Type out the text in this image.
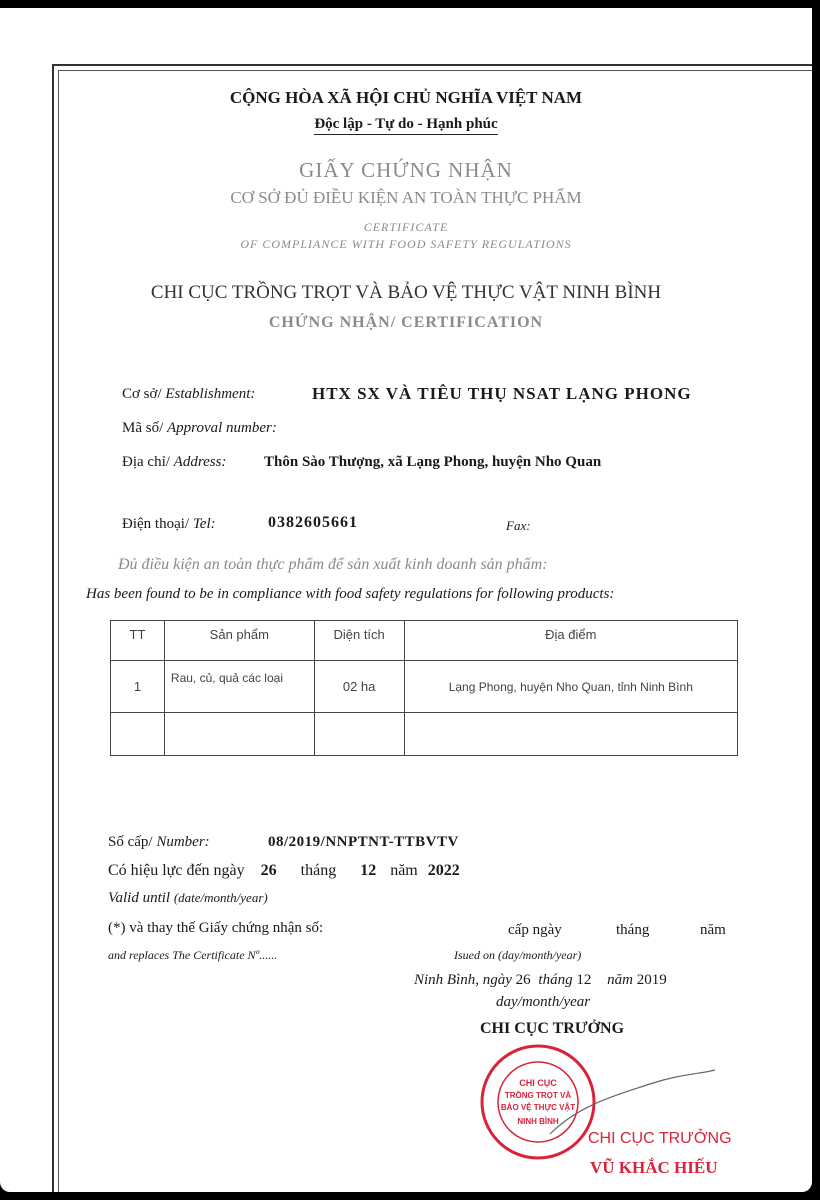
CỘNG HÒA XÃ HỘI CHỦ NGHĨA VIỆT NAM
Độc lập - Tự do - Hạnh phúc
GIẤY CHỨNG NHẬN
CƠ SỞ ĐỦ ĐIỀU KIỆN AN TOÀN THỰC PHẨM
CERTIFICATE
OF COMPLIANCE WITH FOOD SAFETY REGULATIONS
CHI CỤC TRỒNG TRỌT VÀ BẢO VỆ THỰC VẬT NINH BÌNH
CHỨNG NHẬN/ CERTIFICATION
Cơ sở/ Establishment:	HTX SX VÀ TIÊU THỤ NSAT LẠNG PHONG
Mã số/ Approval number:
Địa chỉ/ Address:	Thôn Sào Thượng, xã Lạng Phong, huyện Nho Quan
Điện thoại/ Tel:	0382605661	Fax:
Đủ điều kiện an toàn thực phẩm để sản xuất kinh doanh sản phẩm:
Has been found to be in compliance with food safety regulations for following products:
TT	Sản phẩm	Diện tích	Địa điểm
1	Rau, củ, quả các loại	02 ha	Lạng Phong, huyện Nho Quan, tỉnh Ninh Bình

Số cấp/ Number:	08/2019/NNPTNT-TTBVTV
Có hiệu lực đến ngày 26 tháng 12 năm 2022
Valid until (date/month/year)
(*) và thay thế Giấy chứng nhận số:	cấp ngày	tháng	năm
and replaces The Certificate Nº......	Isued on (day/month/year)
Ninh Bình, ngày 26 tháng 12 năm 2019
day/month/year
CHI CỤC TRƯỞNG
CHI CỤC
TRỒNG TRỌT VÀ
BẢO VỆ THỰC VẬT
NINH BÌNH
CHI CỤC TRƯỞNG
VŨ KHẮC HIẾU
